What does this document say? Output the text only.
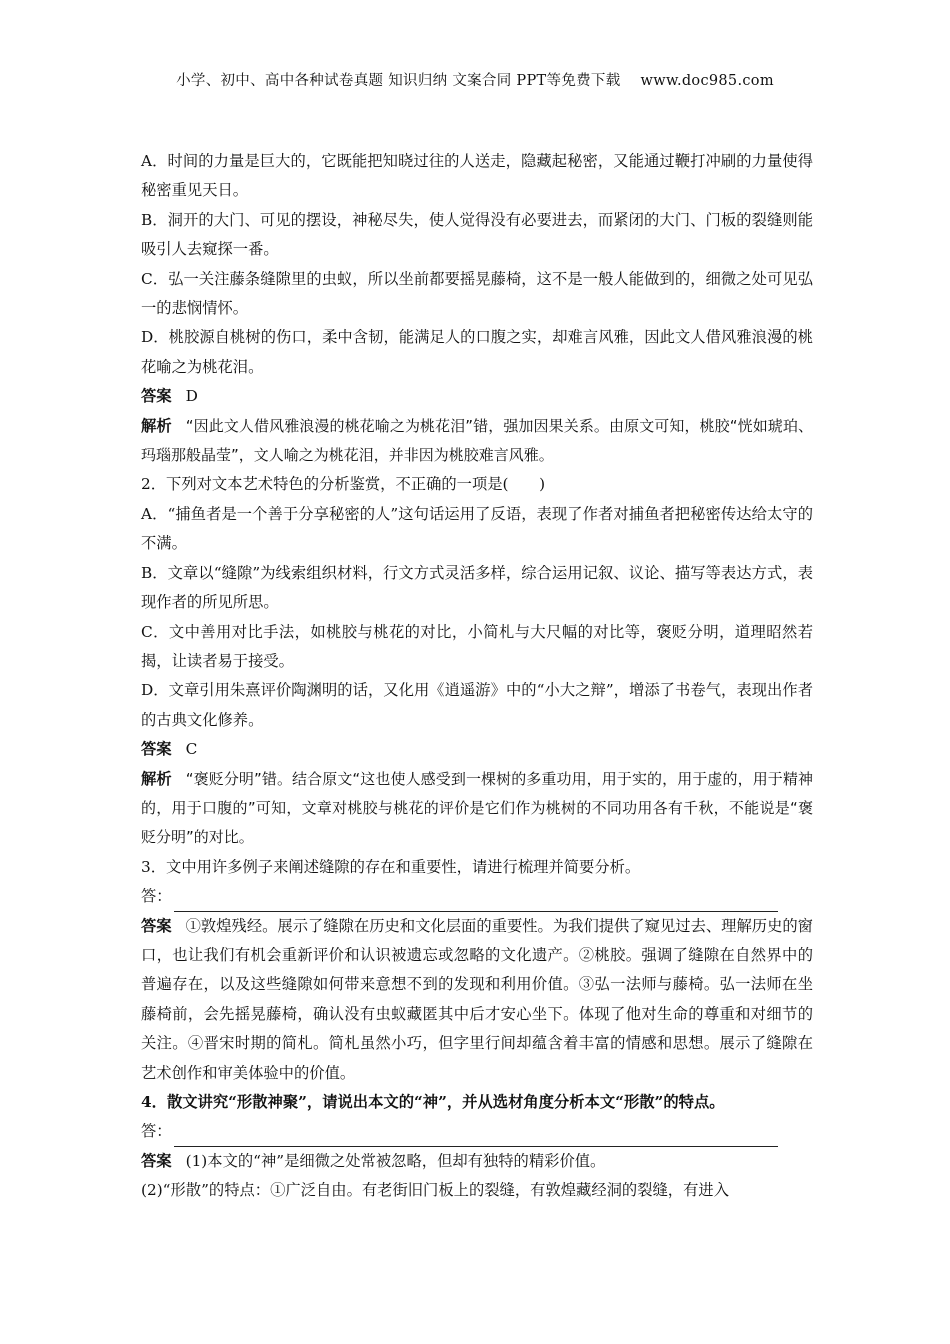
小学、初中、高中各种试卷真题 知识归纳 文案合同 PPT等免费下载 www.doc985.com

A．时间的力量是巨大的，它既能把知晓过往的人送走，隐藏起秘密，又能通过鞭打冲刷的力量使得秘密重见天日。

B．洞开的大门、可见的摆设，神秘尽失，使人觉得没有必要进去，而紧闭的大门、门板的裂缝则能吸引人去窥探一番。

C．弘一关注藤条缝隙里的虫蚁，所以坐前都要摇晃藤椅，这不是一般人能做到的，细微之处可见弘一的悲悯情怀。

D．桃胶源自桃树的伤口，柔中含韧，能满足人的口腹之实，却难言风雅，因此文人借风雅浪漫的桃花喻之为桃花泪。

答案 D

解析 “因此文人借风雅浪漫的桃花喻之为桃花泪”错，强加因果关系。由原文可知，桃胶“恍如琥珀、玛瑙那般晶莹”，文人喻之为桃花泪，并非因为桃胶难言风雅。

2．下列对文本艺术特色的分析鉴赏，不正确的一项是(　　)

A．“捕鱼者是一个善于分享秘密的人”这句话运用了反语，表现了作者对捕鱼者把秘密传达给太守的不满。

B．文章以“缝隙”为线索组织材料，行文方式灵活多样，综合运用记叙、议论、描写等表达方式，表现作者的所见所思。

C．文中善用对比手法，如桃胶与桃花的对比，小简札与大尺幅的对比等，褒贬分明，道理昭然若揭，让读者易于接受。

D．文章引用朱熹评价陶渊明的话，又化用《逍遥游》中的“小大之辩”，增添了书卷气，表现出作者的古典文化修养。

答案 C

解析 “褒贬分明”错。结合原文“这也使人感受到一棵树的多重功用，用于实的，用于虚的，用于精神的，用于口腹的”可知，文章对桃胶与桃花的评价是它们作为桃树的不同功用各有千秋，不能说是“褒贬分明”的对比。

3．文中用许多例子来阐述缝隙的存在和重要性，请进行梳理并简要分析。

答：

答案 ①敦煌残经。展示了缝隙在历史和文化层面的重要性。为我们提供了窥见过去、理解历史的窗口，也让我们有机会重新评价和认识被遗忘或忽略的文化遗产。②桃胶。强调了缝隙在自然界中的普遍存在，以及这些缝隙如何带来意想不到的发现和利用价值。③弘一法师与藤椅。弘一法师在坐藤椅前，会先摇晃藤椅，确认没有虫蚁藏匿其中后才安心坐下。体现了他对生命的尊重和对细节的关注。④晋宋时期的简札。简札虽然小巧，但字里行间却蕴含着丰富的情感和思想。展示了缝隙在艺术创作和审美体验中的价值。

4．散文讲究“形散神聚”，请说出本文的“神”，并从选材角度分析本文“形散”的特点。

答：

答案 (1)本文的“神”是细微之处常被忽略，但却有独特的精彩价值。

(2)“形散”的特点：①广泛自由。有老街旧门板上的裂缝，有敦煌藏经洞的裂缝，有进入
